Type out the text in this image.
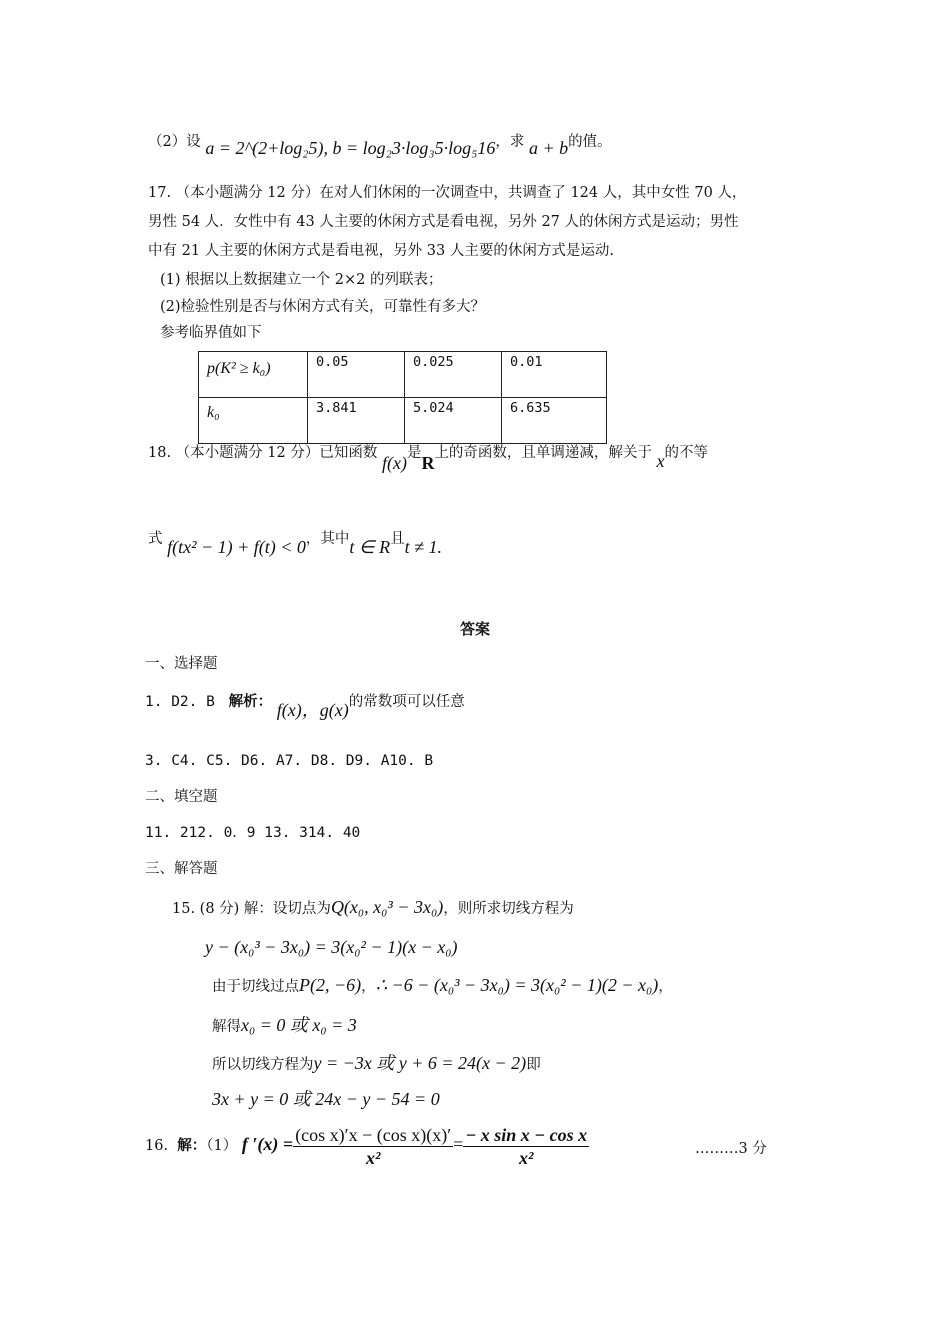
（2）设 a = 2^(2+log₂5), b = log₂3·log₃5·log₅16，求 a + b的值。
17. （本小题满分 12 分）在对人们休闲的一次调查中，共调查了 124 人，其中女性 70 人，
男性 54 人．女性中有 43 人主要的休闲方式是看电视，另外 27 人的休闲方式是运动；男性
中有 21 人主要的休闲方式是看电视，另外 33 人主要的休闲方式是运动.
(1) 根据以上数据建立一个 2×2 的列联表；
(2)检验性别是否与休闲方式有关，可靠性有多大？
参考临界值如下
p(K² ≥ k₀)	0.05	0.025	0.01
k₀	3.841	5.024	6.635
18. （本小题满分 12 分）已知函数 f(x)是R上的奇函数，且单调递减，解关于 x的不等
式 f(tx² − 1) + f(t) < 0，其中t ∈ R且t ≠ 1.
答案
一、选择题
1. D2. B 解析： f(x)，g(x)的常数项可以任意
3. C4. C5. D6. A7. D8. D9. A10. B
二、填空题
11. 212. 0．9 13. 314. 40
三、解答题
15. (8 分) 解：设切点为Q(x₀, x₀³ − 3x₀)，则所求切线方程为
y − (x₀³ − 3x₀) = 3(x₀² − 1)(x − x₀)
由于切线过点P(2, −6)，∴ −6 − (x₀³ − 3x₀) = 3(x₀² − 1)(2 − x₀)，
解得x₀ = 0 或 x₀ = 3
所以切线方程为y = −3x 或 y + 6 = 24(x − 2)即
3x + y = 0 或 24x − y − 54 = 0
16. 解：（1） f $'(x) = \frac{\text{(cos x)′x − (cos x)(x)′}}{\text{x²}} = \frac{\text{− x sin x − cos x}}{\text{x²}}$	………3 分
